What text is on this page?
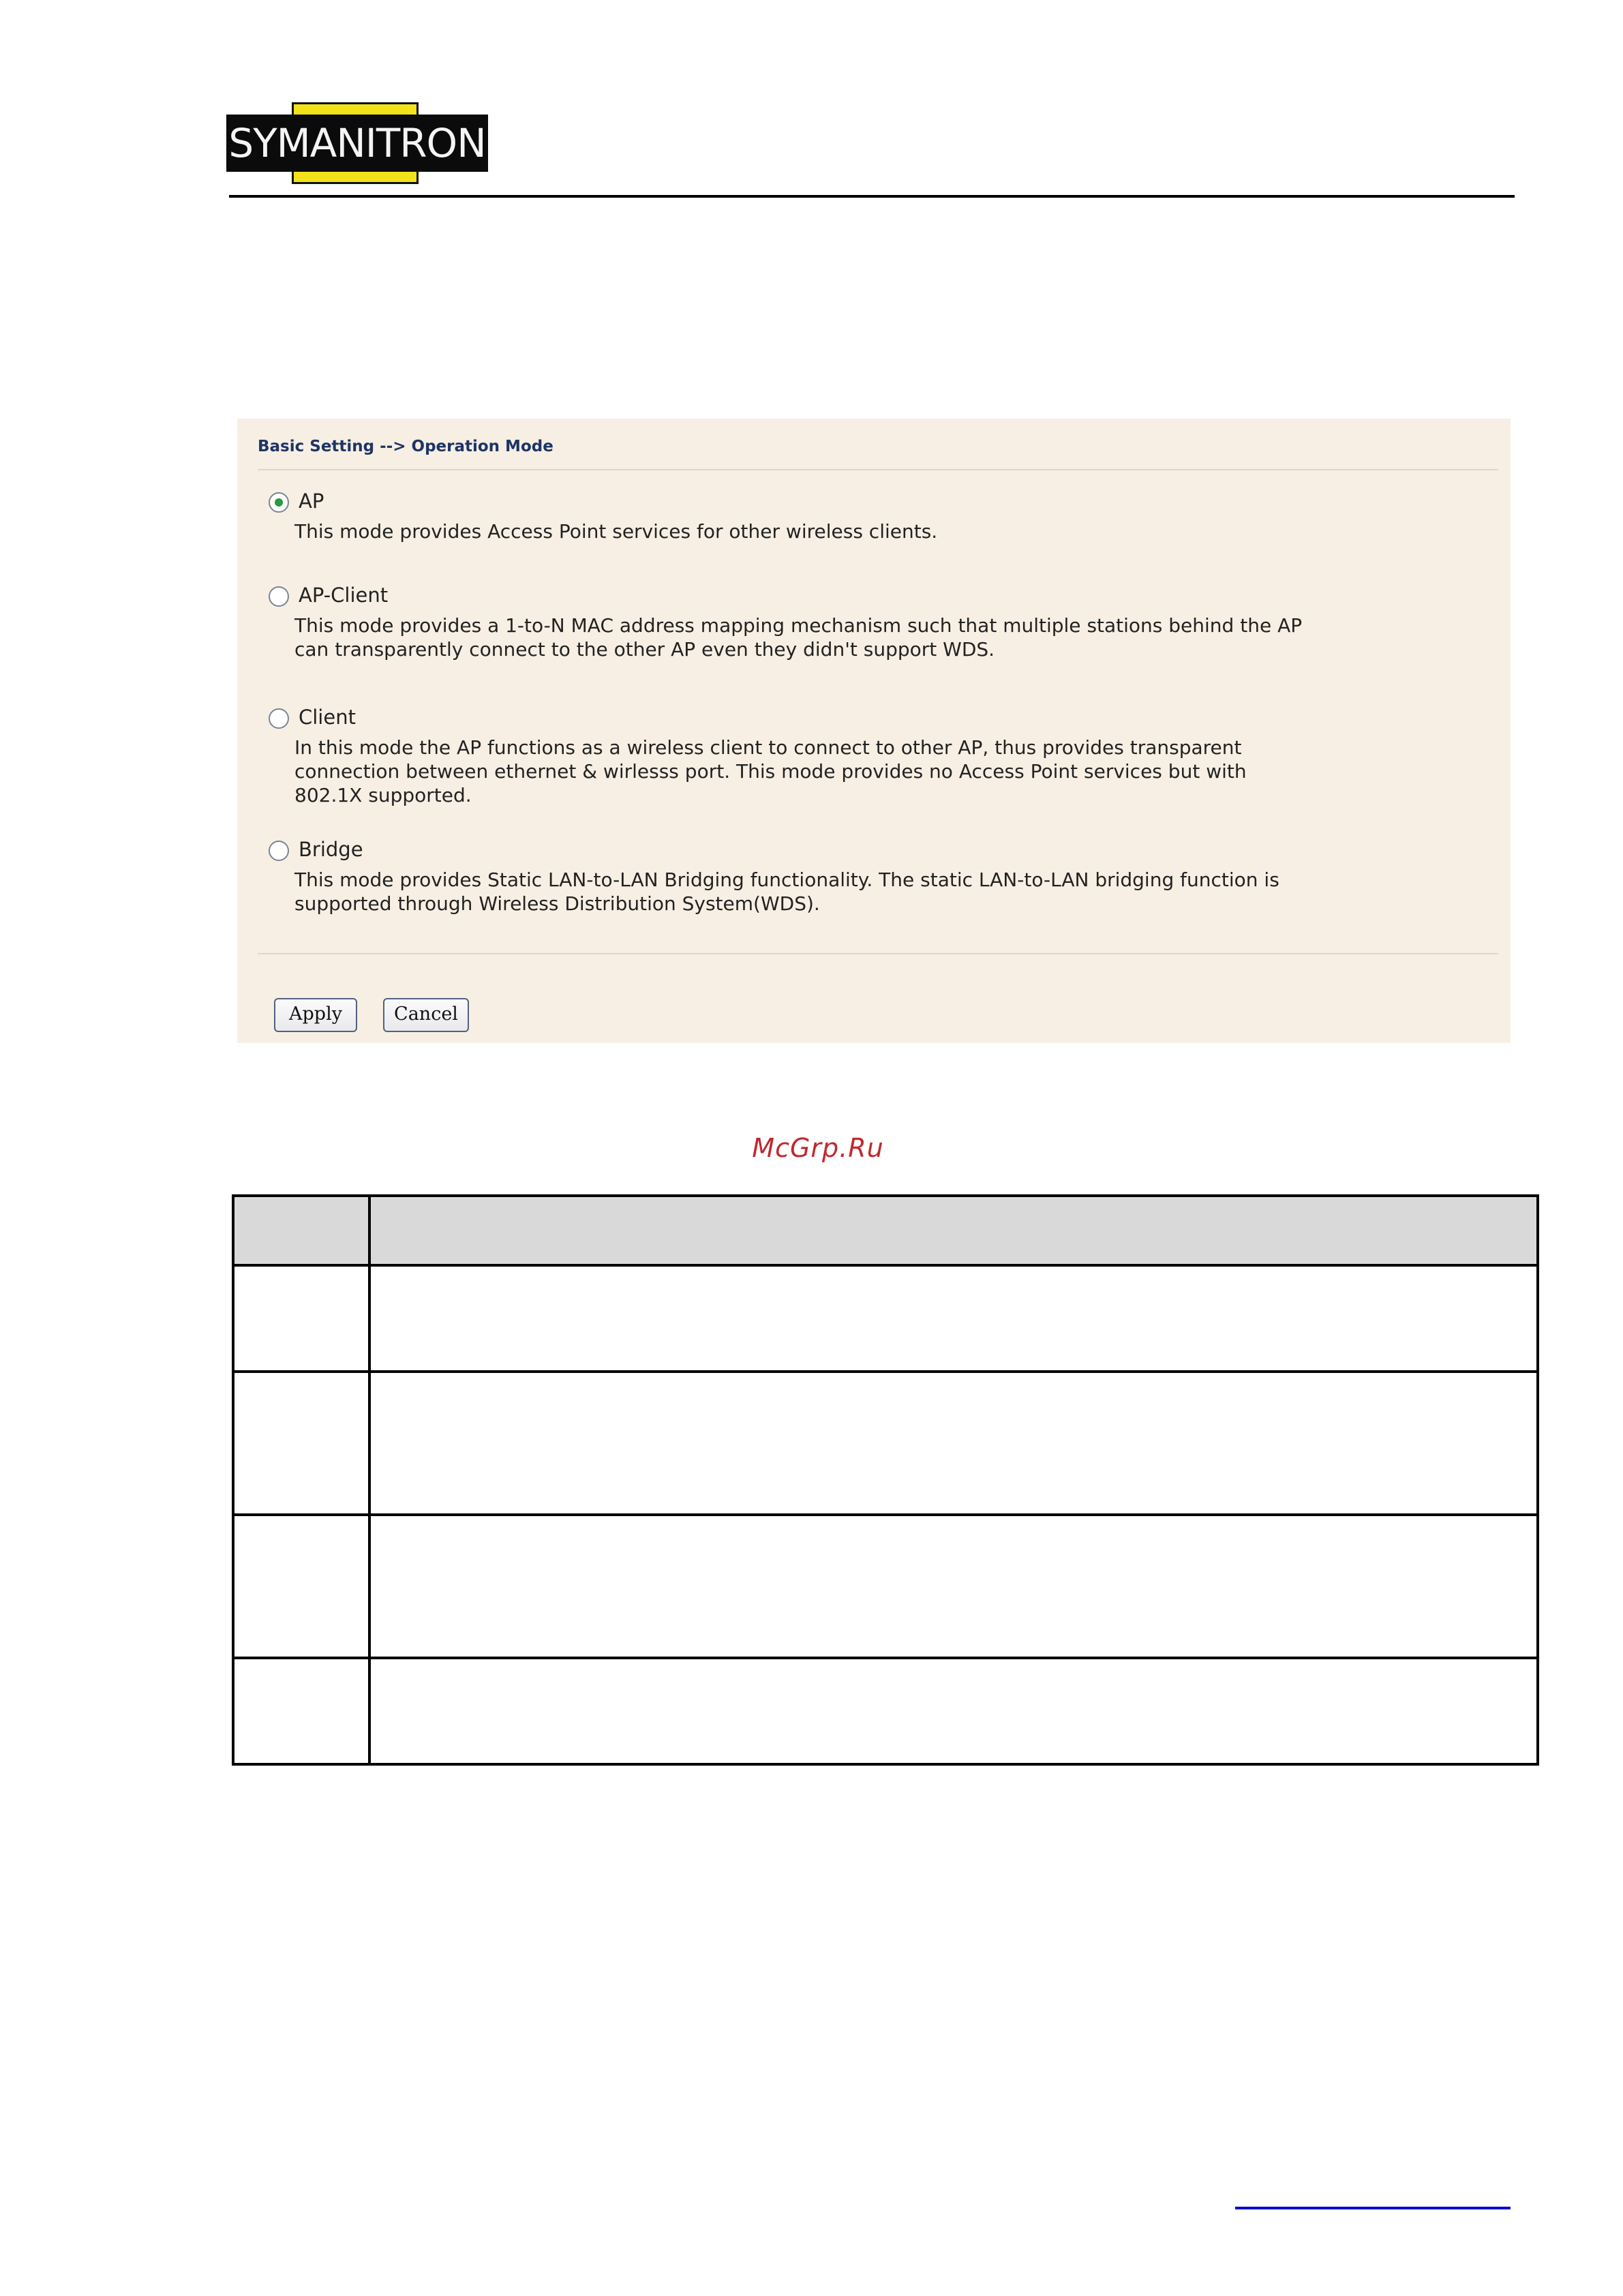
SYMANITRON
Basic Setting --> Operation Mode
AP
This mode provides Access Point services for other wireless clients.
AP-Client
This mode provides a 1-to-N MAC address mapping mechanism such that multiple stations behind the AP
can transparently connect to the other AP even they didn't support WDS.
Client
In this mode the AP functions as a wireless client to connect to other AP, thus provides transparent
connection between ethernet & wirlesss port. This mode provides no Access Point services but with
802.1X supported.
Bridge
This mode provides Static LAN-to-LAN Bridging functionality. The static LAN-to-LAN bridging function is
supported through Wireless Distribution System(WDS).
Apply	Cancel
McGrp.Ru
